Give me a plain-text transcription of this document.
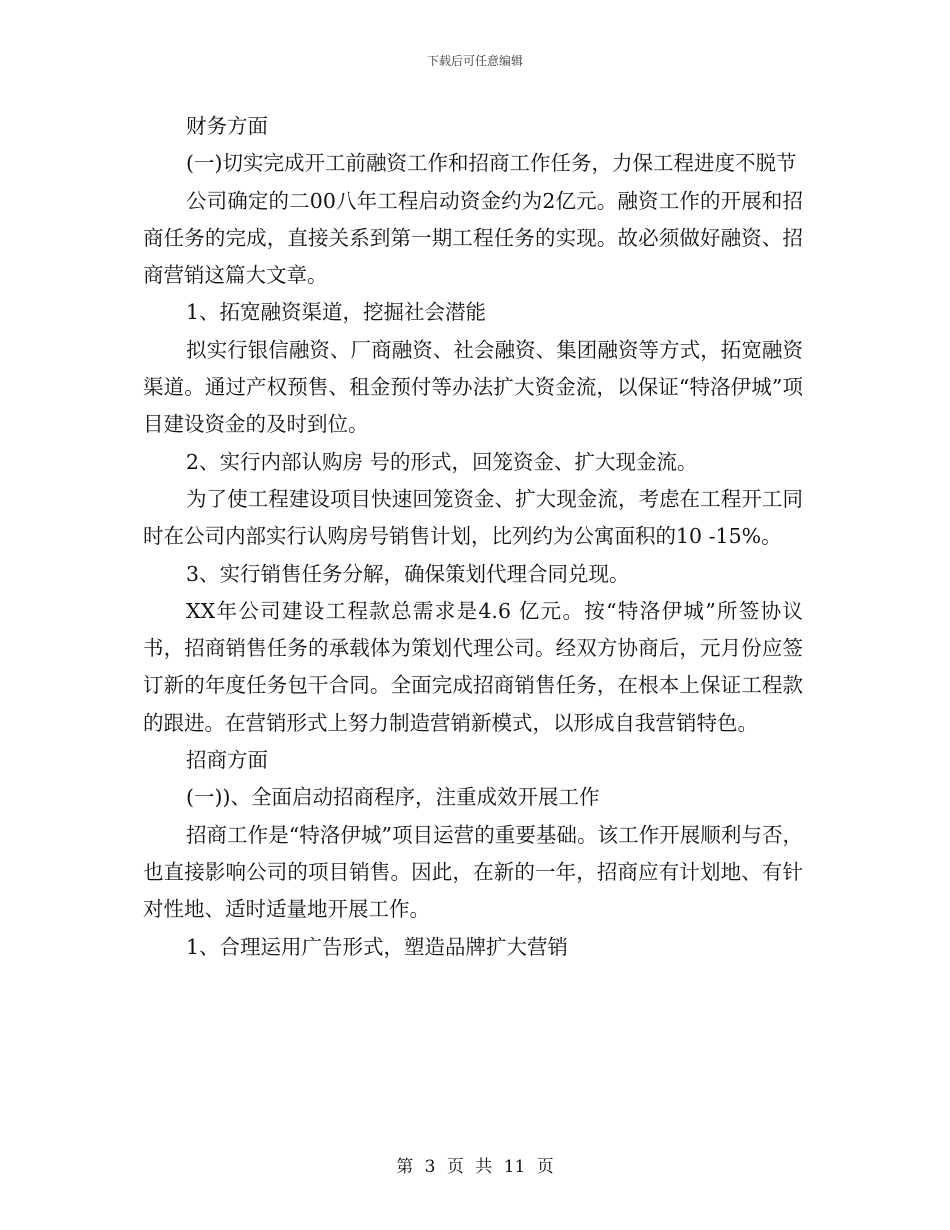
下载后可任意编辑

财务方面

(一)切实完成开工前融资工作和招商工作任务，力保工程进度不脱节

公司确定的二00八年工程启动资金约为2亿元。融资工作的开展和招商任务的完成，直接关系到第一期工程任务的实现。故必须做好融资、招商营销这篇大文章。

1、拓宽融资渠道，挖掘社会潜能

拟实行银信融资、厂商融资、社会融资、集团融资等方式，拓宽融资渠道。通过产权预售、租金预付等办法扩大资金流，以保证“特洛伊城”项目建设资金的及时到位。

2、实行内部认购房 号的形式，回笼资金、扩大现金流。

为了使工程建设项目快速回笼资金、扩大现金流，考虑在工程开工同时在公司内部实行认购房号销售计划，比列约为公寓面积的10 -15%。

3、实行销售任务分解，确保策划代理合同兑现。

XX年公司建设工程款总需求是4.6 亿元。按“特洛伊城”所签协议书，招商销售任务的承载体为策划代理公司。经双方协商后，元月份应签订新的年度任务包干合同。全面完成招商销售任务，在根本上保证工程款的跟进。在营销形式上努力制造营销新模式，以形成自我营销特色。

招商方面

(一))、全面启动招商程序，注重成效开展工作

招商工作是“特洛伊城”项目运营的重要基础。该工作开展顺利与否，也直接影响公司的项目销售。因此，在新的一年，招商应有计划地、有针对性地、适时适量地开展工作。

1、合理运用广告形式，塑造品牌扩大营销

第 3 页 共 11 页
